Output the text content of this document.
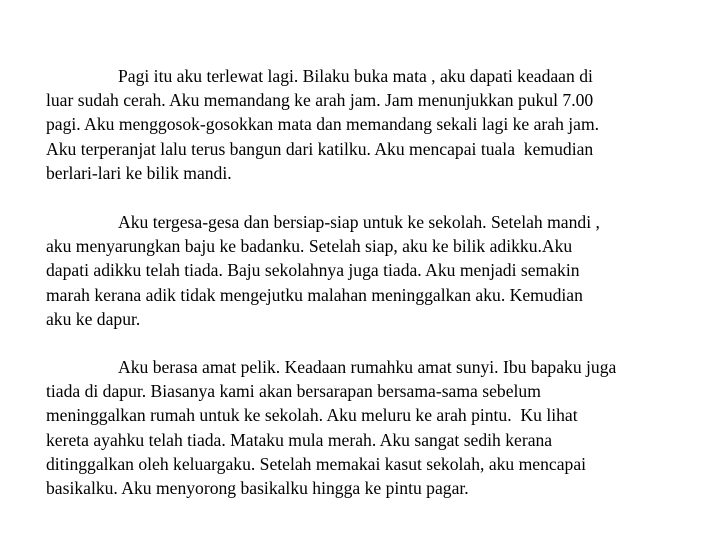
Pagi itu aku terlewat lagi. Bilaku buka mata , aku dapati keadaan di
luar sudah cerah. Aku memandang ke arah jam. Jam menunjukkan pukul 7.00
pagi. Aku menggosok-gosokkan mata dan memandang sekali lagi ke arah jam.
Aku terperanjat lalu terus bangun dari katilku. Aku mencapai tuala  kemudian
berlari-lari ke bilik mandi.

Aku tergesa-gesa dan bersiap-siap untuk ke sekolah. Setelah mandi ,
aku menyarungkan baju ke badanku. Setelah siap, aku ke bilik adikku.Aku
dapati adikku telah tiada. Baju sekolahnya juga tiada. Aku menjadi semakin
marah kerana adik tidak mengejutku malahan meninggalkan aku. Kemudian
aku ke dapur.

Aku berasa amat pelik. Keadaan rumahku amat sunyi. Ibu bapaku juga
tiada di dapur. Biasanya kami akan bersarapan bersama-sama sebelum
meninggalkan rumah untuk ke sekolah. Aku meluru ke arah pintu.  Ku lihat
kereta ayahku telah tiada. Mataku mula merah. Aku sangat sedih kerana
ditinggalkan oleh keluargaku. Setelah memakai kasut sekolah, aku mencapai
basikalku. Aku menyorong basikalku hingga ke pintu pagar.
